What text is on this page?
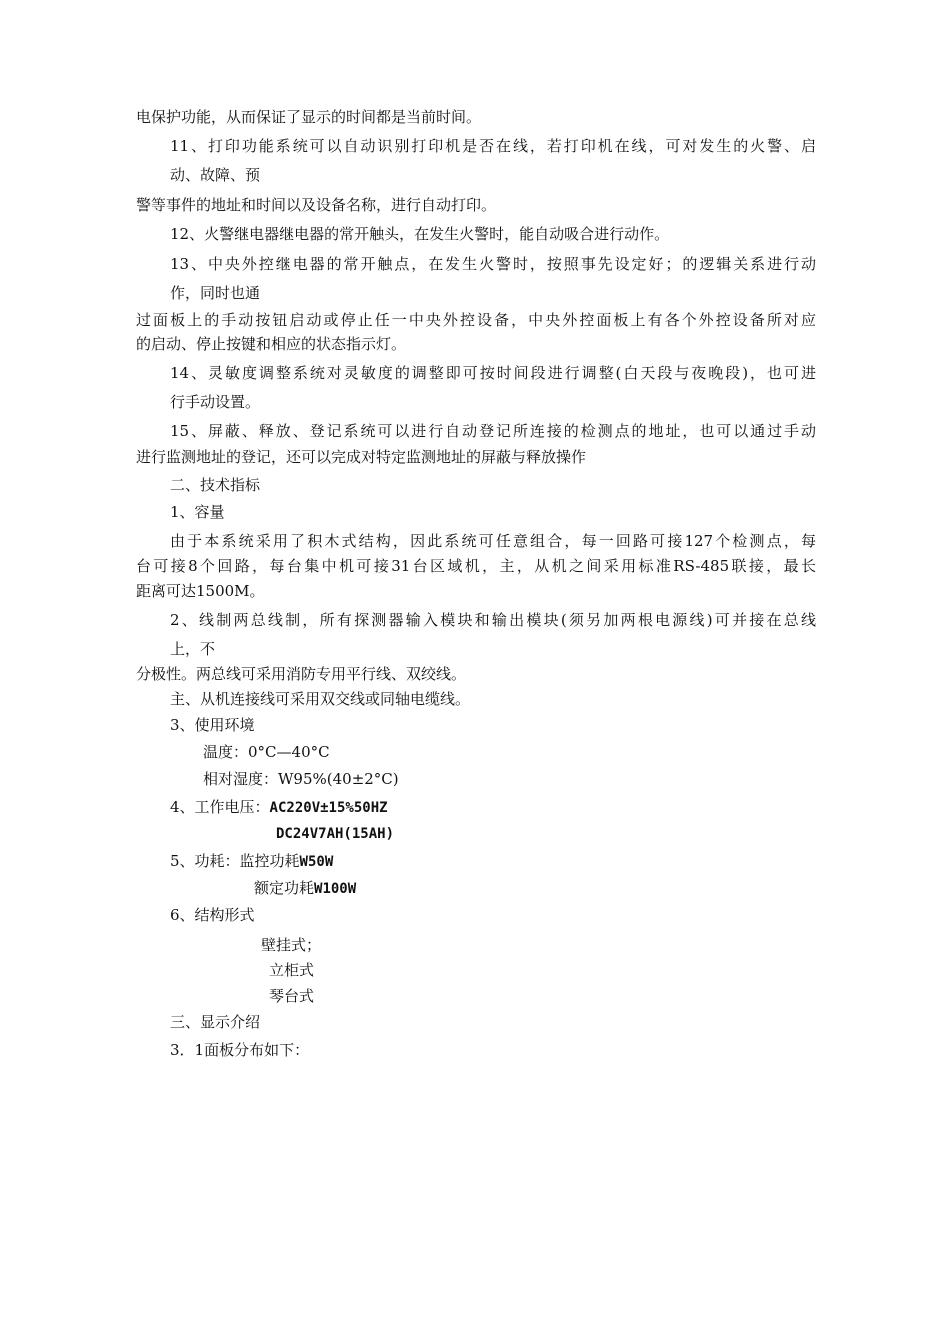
电保护功能，从而保证了显示的时间都是当前时间。
11、打印功能系统可以自动识别打印机是否在线，若打印机在线，可对发生的火警、启
动、故障、预
警等事件的地址和时间以及设备名称，进行自动打印。
12、火警继电器继电器的常开触头，在发生火警时，能自动吸合进行动作。
13、中央外控继电器的常开触点，在发生火警时，按照事先设定好；的逻辑关系进行动
作，同时也通
过面板上的手动按钮启动或停止任一中央外控设备，中央外控面板上有各个外控设备所对应
的启动、停止按键和相应的状态指示灯。
14、灵敏度调整系统对灵敏度的调整即可按时间段进行调整(白天段与夜晚段)，也可进
行手动设置。
15、屏蔽、释放、登记系统可以进行自动登记所连接的检测点的地址，也可以通过手动
进行监测地址的登记，还可以完成对特定监测地址的屏蔽与释放操作
二、技术指标
1、容量
由于本系统采用了积木式结构，因此系统可任意组合，每一回路可接127个检测点，每
台可接8个回路，每台集中机可接31台区域机，主，从机之间采用标准RS-485联接，最长
距离可达1500M。
2、线制两总线制，所有探测器输入模块和输出模块(须另加两根电源线)可并接在总线
上，不
分极性。两总线可采用消防专用平行线、双绞线。
主、从机连接线可采用双交线或同轴电缆线。
3、使用环境
温度：0°C—40°C
相对湿度：W95%(40±2°C)
4、工作电压：AC220V±15%50HZ
DC24V7AH(15AH)
5、功耗：监控功耗W50W
额定功耗W100W
6、结构形式
壁挂式；
立柜式
琴台式
三、显示介绍
3．1面板分布如下：
